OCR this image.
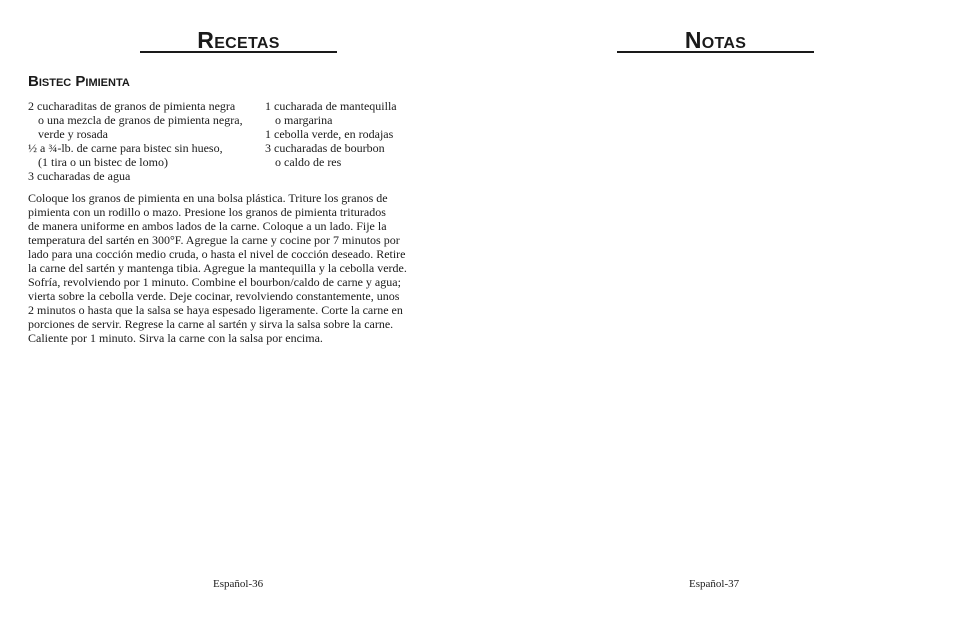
Recetas
Bistec Pimienta
2 cucharaditas de granos de pimienta negra
o una mezcla de granos de pimienta negra,
verde y rosada
½ a ¾-lb. de carne para bistec sin hueso,
(1 tira o un bistec de lomo)
3 cucharadas de agua
1 cucharada de mantequilla
o margarina
1 cebolla verde, en rodajas
3 cucharadas de bourbon
o caldo de res
Coloque los granos de pimienta en una bolsa plástica. Triture los granos de
pimienta con un rodillo o mazo. Presione los granos de pimienta triturados
de manera uniforme en ambos lados de la carne. Coloque a un lado. Fije la
temperatura del sartén en 300°F. Agregue la carne y cocine por 7 minutos por
lado para una cocción medio cruda, o hasta el nivel de cocción deseado. Retire
la carne del sartén y mantenga tibia. Agregue la mantequilla y la cebolla verde.
Sofría, revolviendo por 1 minuto. Combine el bourbon/caldo de carne y agua;
vierta sobre la cebolla verde. Deje cocinar, revolviendo constantemente, unos
2 minutos o hasta que la salsa se haya espesado ligeramente. Corte la carne en
porciones de servir. Regrese la carne al sartén y sirva la salsa sobre la carne.
Caliente por 1 minuto. Sirva la carne con la salsa por encima.
Español-36
Notas
Español-37
